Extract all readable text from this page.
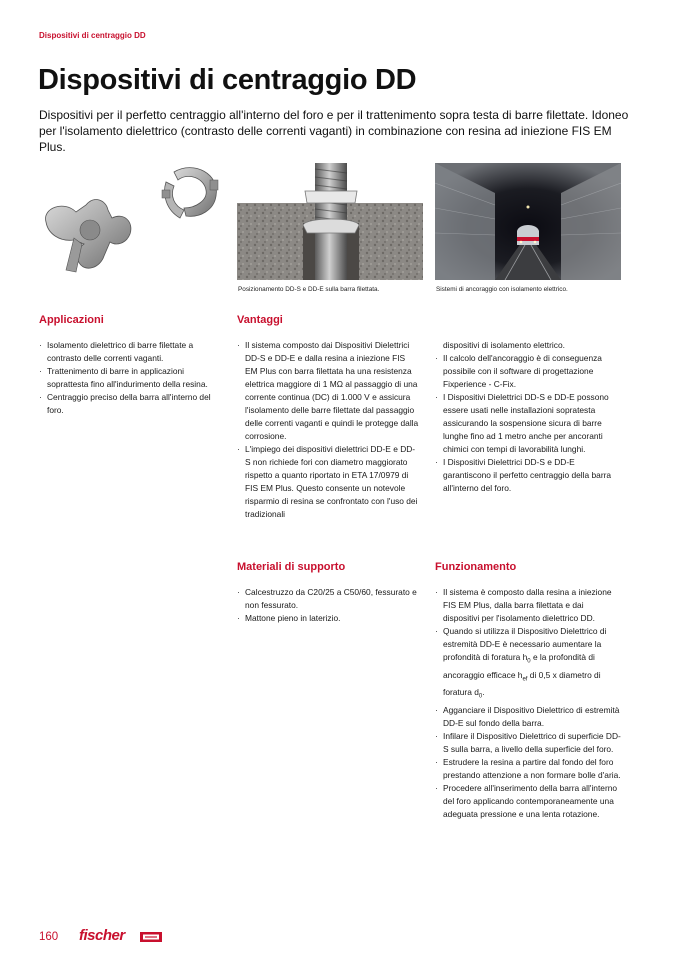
Dispositivi di centraggio DD
Dispositivi di centraggio DD

Dispositivi per il perfetto centraggio all'interno del foro e per il trattenimento sopra testa di barre filettate. Idoneo per l'isolamento dielettrico (contrasto delle correnti vaganti) in combinazione con resina ad iniezione FIS EM Plus.

Posizionamento DD-S e DD-E sulla barra filettata.	Sistemi di ancoraggio con isolamento elettrico.
Applicazioni
· Isolamento dielettrico di barre filettate a contrasto delle correnti vaganti.
· Trattenimento di barre in applicazioni soprattesta fino all'indurimento della resina.
· Centraggio preciso della barra all'interno del foro.
Vantaggi
· Il sistema composto dai Dispositivi Dielettrici DD-S e DD-E e dalla resina a iniezione FIS EM Plus con barra filettata ha una resistenza elettrica maggiore di 1 MΩ al passaggio di una corrente continua (DC) di 1.000 V e assicura l'isolamento delle barre filettate dal passaggio delle correnti vaganti e quindi le protegge dalla corrosione.
· L'impiego dei dispositivi dielettrici DD-E e DD-S non richiede fori con diametro maggiorato rispetto a quanto riportato in ETA 17/0979 di FIS EM Plus. Questo consente un notevole risparmio di resina se confrontato con l'uso dei tradizionali
dispositivi di isolamento elettrico.
· Il calcolo dell'ancoraggio è di conseguenza possibile con il software di progettazione Fixperience - C-Fix.
· I Dispositivi Dielettrici DD-S e DD-E possono essere usati nelle installazioni sopratesta assicurando la sospensione sicura di barre lunghe fino ad 1 metro anche per ancoranti chimici con tempi di lavorabilità lunghi.
· I Dispositivi Dielettrici DD-S e DD-E garantiscono il perfetto centraggio della barra all'interno del foro.
Materiali di supporto
· Calcestruzzo da C20/25 a C50/60, fessurato e non fessurato.
· Mattone pieno in laterizio.
Funzionamento
· Il sistema è composto dalla resina a iniezione FIS EM Plus, dalla barra filettata e dai dispositivi per l'isolamento dielettrico DD.
· Quando si utilizza il Dispositivo Dielettrico di estremità DD-E è necessario aumentare la profondità di foratura $h_0$ e la profondità di ancoraggio efficace $h_{ef}$ di 0,5 x diametro di foratura $d_0$.
· Agganciare il Dispositivo Dielettrico di estremità DD-E sul fondo della barra.
· Infilare il Dispositivo Dielettrico di superficie DD-S sulla barra, a livello della superficie del foro.
· Estrudere la resina a partire dal fondo del foro prestando attenzione a non formare bolle d'aria.
· Procedere all'inserimento della barra all'interno del foro applicando contemporaneamente una adeguata pressione e una lenta rotazione.
160 fischer
